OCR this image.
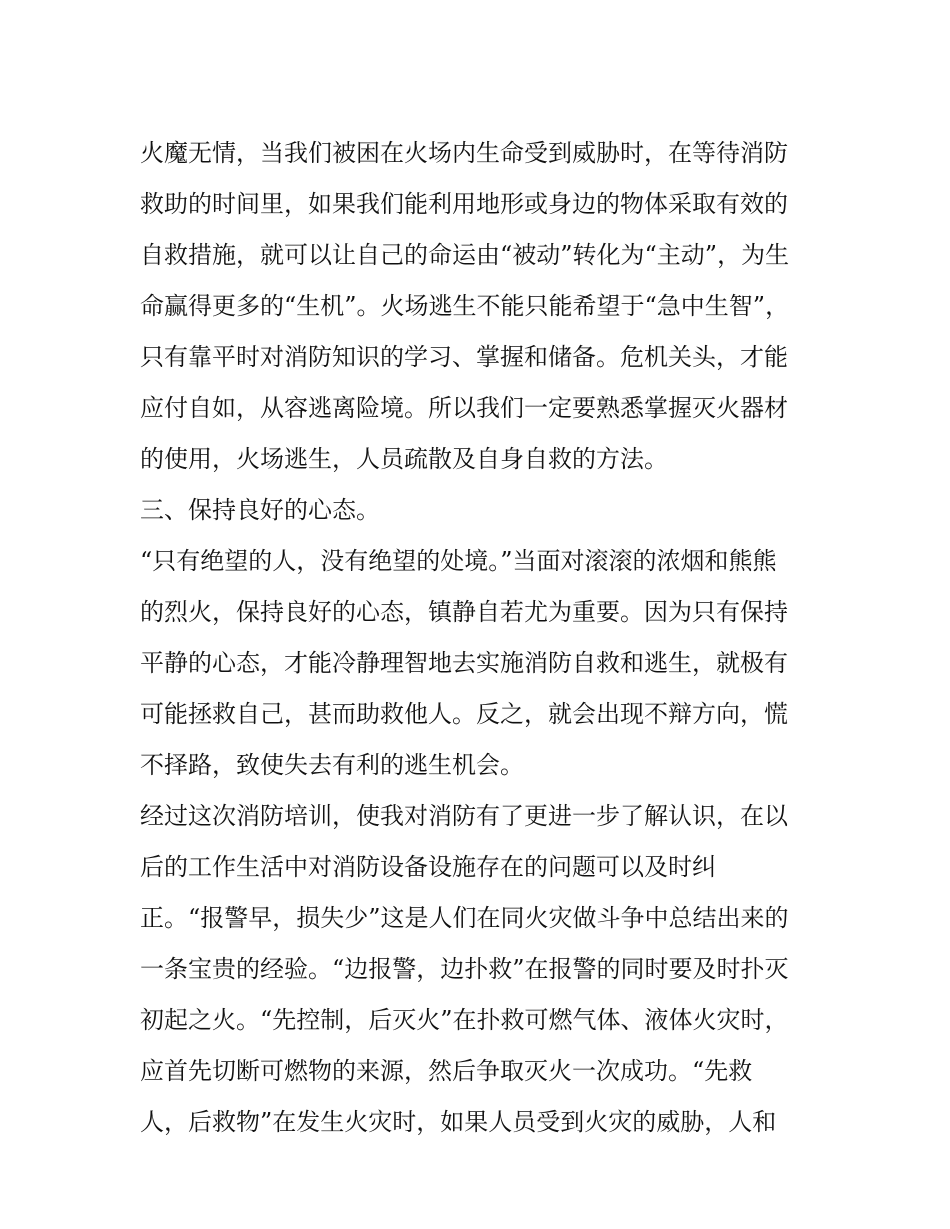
火魔无情，当我们被困在火场内生命受到威胁时，在等待消防
救助的时间里，如果我们能利用地形或身边的物体采取有效的
自救措施，就可以让自己的命运由“被动”转化为“主动”，为生
命赢得更多的“生机”。火场逃生不能只能希望于“急中生智”，
只有靠平时对消防知识的学习、掌握和储备。危机关头，才能
应付自如，从容逃离险境。所以我们一定要熟悉掌握灭火器材
的使用，火场逃生，人员疏散及自身自救的方法。
三、保持良好的心态。
“只有绝望的人，没有绝望的处境。”当面对滚滚的浓烟和熊熊
的烈火，保持良好的心态，镇静自若尤为重要。因为只有保持
平静的心态，才能冷静理智地去实施消防自救和逃生，就极有
可能拯救自己，甚而助救他人。反之，就会出现不辩方向，慌
不择路，致使失去有利的逃生机会。
经过这次消防培训，使我对消防有了更进一步了解认识，在以
后的工作生活中对消防设备设施存在的问题可以及时纠
正。“报警早，损失少”这是人们在同火灾做斗争中总结出来的
一条宝贵的经验。“边报警，边扑救”在报警的同时要及时扑灭
初起之火。“先控制，后灭火”在扑救可燃气体、液体火灾时，
应首先切断可燃物的来源，然后争取灭火一次成功。“先救
人，后救物”在发生火灾时，如果人员受到火灾的威胁，人和
